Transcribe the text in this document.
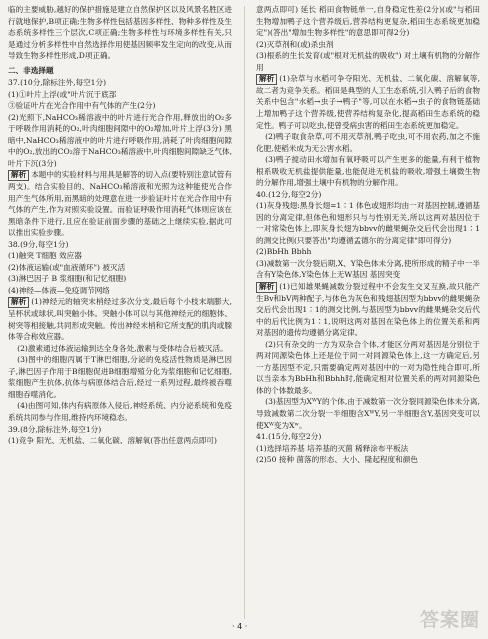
临的主要威胁,越好的保护措施是建立自然保护区以及风景名胜区进行就地保护,B项正确;生物多样性包括基因多样性、物种多样性及生态系统多样性三个层次,C项正确;生物多样性与环境多样性有关,只是通过分析多样性中自然选择作用使基因频率发生定向的改变,从而导致生物多样性形成,D项正确。

二、非选择题

37.(10分,除标注外,每空1分)

(1)①叶片上浮(或"叶片沉于底部

③验证叶片在光合作用中有气体的产生(2分)

(2)光照下,NaHCO₃稀溶液中的叶片进行光合作用,释放出的O₂多于呼吸作用消耗的O₂,叶肉细胞间隙中的O₂增加,叶片上浮(3分) 黑暗中,NaHCO₃稀溶液中的叶片进行呼吸作用,消耗了叶肉细胞间隙中的O₂,放出的CO₂溶于NaHCO₃稀溶液中,叶肉细胞间隙缺乏气体,叶片下沉(3分)

解析 本题中的实验材料与用具是解答的切入点(要特别注意试管有两支)。结合实验目的、NaHCO₃稀溶液和光照为这种能使光合作用产生气体所用,而黑暗的处理意在进一步验证叶片在光合作用中有气体的产生,作为对照实验设置。而验证呼吸作用消耗气体则应该在黑暗条件下进行,且应在验证前面步骤的基础之上继续实验,据此可以推出实验步骤。

38.(9分,每空1分)

(1)触突 T细胞 效应器

(2)体液运输(或"血液循环") 被灭活

(3)淋巴因子 B 浆细胞(和记忆细胞)

(4)神经—体液—免疫调节网络

解析 (1)神经元的轴突末梢经过多次分支,最后每个小枝末端膨大,呈杯状或球状,叫突触小体。突触小体可以与其他神经元的细胞体、树突等相接触,共同形成突触。传出神经末梢和它所支配的肌肉或腺体等合称效应器。

(2)激素通过体液运输到达全身各处,激素与受体结合后被灭活。

(3)图中的细胞丙属于T淋巴细胞,分泌的免疫活性物质是淋巴因子,淋巴因子作用于B细胞促进B细胞增殖分化为浆细胞和记忆细胞,浆细胞产生抗体,抗体与病原体结合后,经过一系列过程,最终被吞噬细胞吞噬消化。

(4)由图可知,体内有病原体入侵后,神经系统、内分泌系统和免疫系统共同参与作用,维持内环境稳态。

39.(8分,除标注外,每空1分)

(1)竞争 阳光、无机盐、二氧化碳、溶解氧(答出任意两点即可)

意两点即可) 延长 稻田食物链单一,自身稳定性差(2分)(或"与稻田生物增加鸭子这个营养级后,营养结构更复杂,稻田生态系统更加稳定")(答出"增加生物多样性"的意思即可得2分)

(2)灭草剂和(或)杀虫剂

(3)根系的生长发育(或"根对无机盐的吸收") 对土壤有机物的分解作用

解析 (1)杂草与水稻可争夺阳光、无机盐、二氧化碳、溶解氧等,故二者为竞争关系。稻田是典型的人工生态系统,引入鸭子后的食物关系中包含"水稻→虫子→鸭子"等,可以在水稻→虫子的食物链基础上增加鸭子这个营养级,使营养结构复杂化,提高稻田生态系统的稳定性。鸭子可以吃虫,使曾受病虫害的稻田生态系统更加稳定。

(2)鸭子取食杂草,可不用灭草剂,鸭子吃虫,可不用农药,加之不施化肥,使稻米成为无公害水稻。

(3)鸭子搅动田水增加有氧呼吸可以产生更多的能量,有利于植物根系吸收无机盐提供能量,也能促进无机盐的吸收,增强土壤微生物的分解作用,增强土壤中有机物的分解作用。

40.(12分,每空2分)

(1)灰身残翅:黑身长翅=1∶1 体色或翅形均由一对基因控制,遵循基因的分离定律,但体色和翅形只与与性别无关,所以这两对基因位于一对常染色体上,即灰身长翅为bbvv的雌果蝇杂交后代会出现1∶1的测交比例(只要答出"均遵循孟德尔的分离定律"即可得分)

(2)BbHh Bbhh

(3)减数第一次分裂后期,X、Y染色体未分离,使所形成的精子中一半含有Y染色体,Y染色体上无W基因 基因突变

解析 (1)已知雄果蝇减数分裂过程中不会发生交叉互换,故只能产生Bv和bV两种配子,与体色为灰色和残翅基因型为bbvv的雌果蝇杂交后代会出现1∶1的测交比例,与基因型为bbvv的雌果蝇杂交后代中的后代比例为1∶1,说明这两对基因在染色体上的位置关系和两对基因的遗传均遵循分离定律。

(2)只有杂交的一方为双杂合个体,才能区分两对基因是分别位于两对同源染色体上还是位于同一对同源染色体上,这一方确定后,另一方基因型不定,只需要确定两对基因中的一对为隐性纯合即可,所以当亲本为BbHh和Bbhh时,能确定相对位置关系的两对同源染色体的个体数最多。

(3)基因型为XᵂY的个体,由于减数第一次分裂同源染色体未分离,导致减数第二次分裂一半细胞含XᵂY,另一半细胞含Y,基因突变可以使Xᵂ变为Xʷ。

41.(15分,每空2分)

(1)选择培养基 培养基的灭菌 稀释涂布平板法

(2)50 接种 菌落的形态、大小、隆起程度和颜色

· 4 ·	答案圈
